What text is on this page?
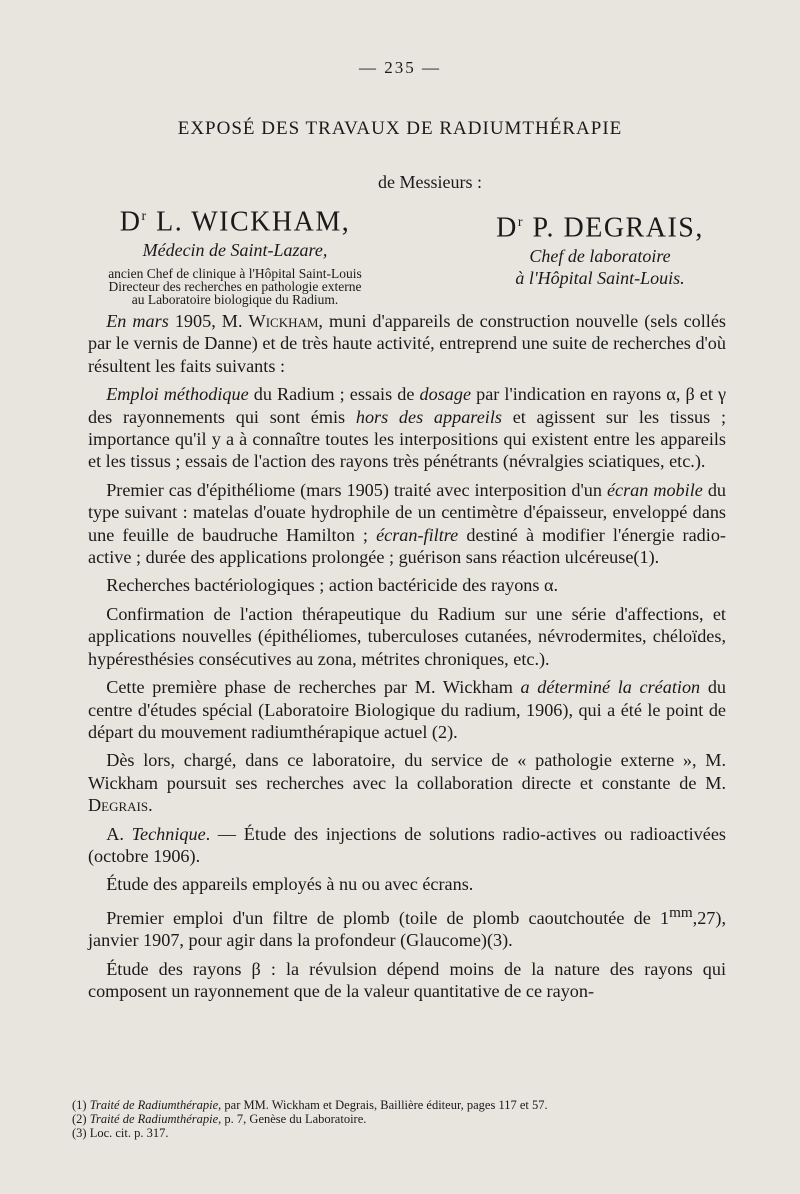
— 235 —
EXPOSÉ DES TRAVAUX DE RADIUMTHÉRAPIE
de Messieurs :

$D^r$ L. WICKHAM,

Médecin de Saint-Lazare,

ancien Chef de clinique à l'Hôpital Saint-Louis
Directeur des recherches en pathologie externe
au Laboratoire biologique du Radium.

$D^r$ P. DEGRAIS,

Chef de laboratoire

à l'Hôpital Saint-Louis.

 En mars 1905, M. Wickham, muni d'appareils de construction nouvelle (sels collés par le vernis de Danne) et de très haute activité, entreprend une suite de recherches d'où résultent les faits suivants :

 Emploi méthodique du Radium ; essais de dosage par l'indication en rayons α, β et γ des rayonnements qui sont émis hors des appareils et agissent sur les tissus ; importance qu'il y a à connaître toutes les interpositions qui existent entre les appareils et les tissus ; essais de l'action des rayons très pénétrants (névralgies sciatiques, etc.).

 Premier cas d'épithéliome (mars 1905) traité avec interposition d'un écran mobile du type suivant : matelas d'ouate hydrophile de un centimètre d'épaisseur, enveloppé dans une feuille de baudruche Hamilton ; écran-filtre destiné à modifier l'énergie radio-active ; durée des applications prolongée ; guérison sans réaction ulcéreuse(1).

 Recherches bactériologiques ; action bactéricide des rayons α.

 Confirmation de l'action thérapeutique du Radium sur une série d'affections, et applications nouvelles (épithéliomes, tuberculoses cutanées, névrodermites, chéloïdes, hypéresthésies consécutives au zona, métrites chroniques, etc.).

 Cette première phase de recherches par M. Wickham a déterminé la création du centre d'études spécial (Laboratoire Biologique du radium, 1906), qui a été le point de départ du mouvement radiumthérapique actuel (2).

 Dès lors, chargé, dans ce laboratoire, du service de « pathologie externe », M. Wickham poursuit ses recherches avec la collaboration directe et constante de M. Degrais.

 A. Technique. — Étude des injections de solutions radio-actives ou radioactivées (octobre 1906).

 Étude des appareils employés à nu ou avec écrans.

 Premier emploi d'un filtre de plomb (toile de plomb caoutchoutée de $1^{mm},27$), janvier 1907, pour agir dans la profondeur (Glaucome)(3).

 Étude des rayons β : la révulsion dépend moins de la nature des rayons qui composent un rayonnement que de la valeur quantitative de ce rayon-

(1) Traité de Radiumthérapie, par MM. Wickham et Degrais, Baillière éditeur, pages 117 et 57.
(2) Traité de Radiumthérapie, p. 7, Genèse du Laboratoire.
(3) Loc. cit. p. 317.
